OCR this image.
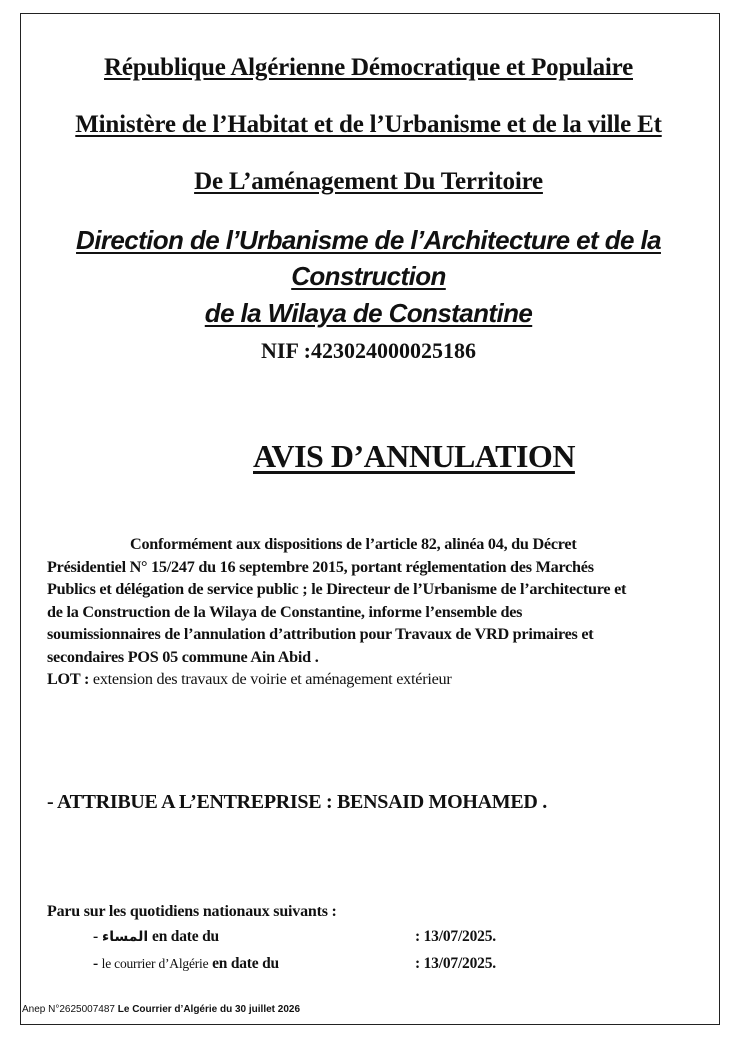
République Algérienne Démocratique et Populaire
Ministère de l’Habitat et de l’Urbanisme et de la ville Et
De L’aménagement Du Territoire
Direction de l’Urbanisme de l’Architecture et de la
Construction
de la Wilaya de Constantine
NIF :423024000025186
AVIS D’ANNULATION
Conformément aux dispositions de l’article 82, alinéa 04, du Décret
Présidentiel N° 15/247 du 16 septembre 2015, portant réglementation des Marchés
Publics et délégation de service public ; le Directeur de l’Urbanisme de l’architecture et
de la Construction de la Wilaya de Constantine, informe l’ensemble des
soumissionnaires de l’annulation d’attribution pour Travaux de VRD primaires et
secondaires POS 05 commune Ain Abid .
LOT : extension des travaux de voirie et aménagement extérieur
- ATTRIBUE A L’ENTREPRISE : BENSAID MOHAMED .
Paru sur les quotidiens nationaux suivants :
- المساء en date du	: 13/07/2025.
- le courrier d’Algérie en date du	: 13/07/2025.
Anep N°2625007487 Le Courrier d’Algérie du 30 juillet 2026
